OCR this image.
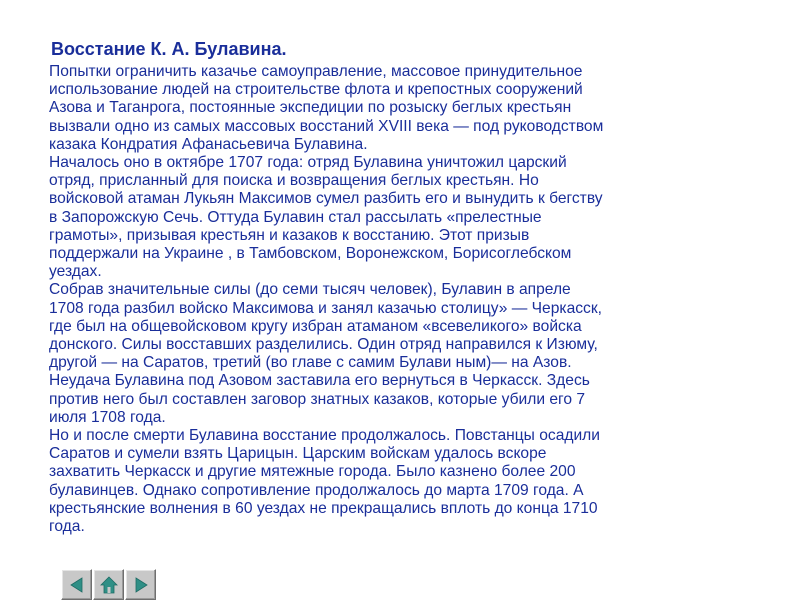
Восстание К. А. Булавина.
Попытки ограничить казачье самоуправление, массовое принудительное
использование людей на строительстве флота и крепостных сооружений
Азова и Таганрога, постоянные экспедиции по розыску беглых крестьян
вызвали одно из самых массовых восстаний XVIII века — под руководством
казака Кондратия Афанасьевича Булавина.
Началось оно в октябре 1707 года: отряд Булавина уничтожил царский
отряд, присланный для поиска и возвращения беглых крестьян. Но
войсковой атаман Лукьян Максимов сумел разбить его и вынудить к бегству
в Запорожскую Сечь. Оттуда Булавин стал рассылать «прелестные
грамоты», призывая крестьян и казаков к восстанию. Этот призыв
поддержали на Украине , в Тамбовском, Воронежском, Борисоглебском
уездах.
Собрав значительные силы (до семи тысяч человек), Булавин в апреле
1708 года разбил войско Максимова и занял казачью столицу» — Черкасск,
где был на общевойсковом кругу избран атаманом «всевеликого» войска
донского. Силы восставших разделились. Один отряд направился к Изюму,
другой — на Саратов, третий (во главе с самим Булави ным)— на Азов.
Неудача Булавина под Азовом заставила его вернуться в Черкасск. Здесь
против него был составлен заговор знатных казаков, которые убили его 7
июля 1708 года.
Но и после смерти Булавина восстание продолжалось. Повстанцы осадили
Саратов и сумели взять Царицын. Царским войскам удалось вскоре
захватить Черкасск и другие мятежные города. Было казнено более 200
булавинцев. Однако сопротивление продолжалось до марта 1709 года. А
крестьянские волнения в 60 уездах не прекращались вплоть до конца 1710
года.
